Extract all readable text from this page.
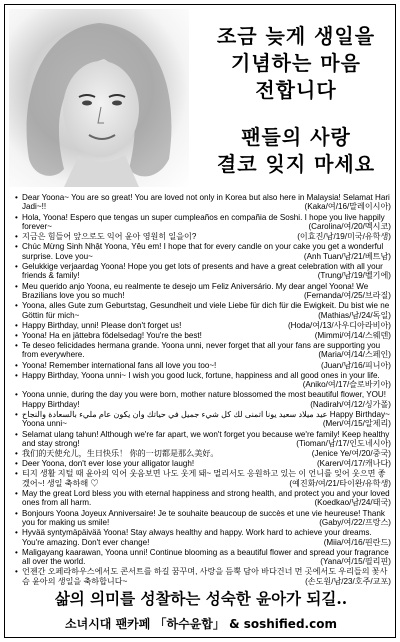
조금 늦게 생일을
기념하는 마음
전합니다
팬들의 사랑
결코 잊지 마세요
• Dear Yoona~ You are so great! You are loved not only in Korea but also here in Malaysia! Selamat Hari Jadi~!!	(Kaka/여/16/말레이시아)
• Hola, Yoona! Espero que tengas un super cumpleaños en compañia de Soshi. I hope you live happily forever~	(Carolina/여/20/멕시코)
• 지금은 힘들어 앞으로도 익어 윤아 영원히 일을이?	(이효진/남/19/미국/유학생)
• Chúc Mừng Sinh Nhật Yoona, Yêu em! I hope that for every candle on your cake you get a wonderful surprise. Love you~	(Anh Tuan/남/21/베트남)
• Gelukkige verjaardag Yoona! Hope you get lots of presents and have a great celebration with all your friends & family!	(Trung/남/19/벨기에)
• Meu querido anjo Yoona, eu realmente te desejo um Feliz Aniversário. My dear angel Yoona! We Brazilians love you so much!	(Fernanda/여/25/브라질)
• Yoona, alles Gute zum Geburtstag, Gesundheit und viele Liebe für dich für die Ewigkeit. Du bist wie ne Göttin für mich~	(Mathias/남/24/독일)
• Happy Birthday, unni! Please don't forget us!	(Hoda/여/13/사우디아라비아)
• Yoona! Ha en jättebra födelsedag! You're the best!	(Mimmi/여/14/스웨덴)
• Te deseo felicidades hermana grande. Yoona unni, never forget that all your fans are supporting you from everywhere.	(Maria/여/14/스페인)
• Yoona! Remember international fans all love you too~!	(Juan/남/16/피니아)
• Happy Birthday, Yoona unni~ I wish you good luck, fortune, happiness and all good ones in your life.
(Aniko/여/17/슬로바키아)
• Yoona unnie, during the day you were born, mother nature blossomed the most beautiful flower, YOU! Happy Birthday!	(Nadirah/여/12/싱가폴)
• عيد ميلاد سعيد يونا اتمنى لك كل شيء جميل في حياتك وان يكون عام مليء بالسعادة والنجاح Happy Birthday~ Yoona unni~	(Men/여/15/알제리)
• Selamat ulang tahun! Although we're far apart, we won't forget you because we're family! Keep healthy and stay strong!	(Tioman/남/17/인도네시아)
• 我们的天使允儿，生日快乐！ 你的一切都是那么美好。	(Jenice Ye/여/20/중국)
• Deer Yoona, don't ever lose your alligator laugh!	(Karen/여/17/캐나다)
• 티지 생활 지털 때 윤아의 익어 웃음보면 나도 웃게 돼~ 멀리서도 응원하고 있는 이 언니를 잊어 웃으면 좋겠어~! 생일 축하해 ♡	(예진화/여/21/타이완/유학생)
• May the great Lord bless you with eternal happiness and strong health, and protect you and your loved ones from all harm.	(Koedkao/남/24/태국)
• Bonjours Yoona Joyeux Anniversaire! Je te souhaite beaucoup de succès et une vie heureuse! Thank you for making us smile!	(Gaby/여/22/프랑스)
• Hyvää syntymäpäivää Yoona! Stay always healthy and happy. Work hard to achieve your dreams. You're amazing. Don't ever change!	(Miia/여/16/핀란드)
• Maligayang kaarawan, Yoona unni! Continue blooming as a beautiful flower and spread your fragrance all over the world.	(Yana/여/15/필리핀)
• 언젠간 오페라하우스에서도 콘서트를 하길 꿈꾸며, 사랑을 듬뿍 담아 바다건너 먼 곳에서도 우리들의 꽃사슴 윤아의 생일을 축하합니다~	(손도원/남/23/호주/교포)
삶의 의미를 성찰하는 성숙한 윤아가 되길..
소녀시대 팬카페 「하수윤합」 & soshified.com
